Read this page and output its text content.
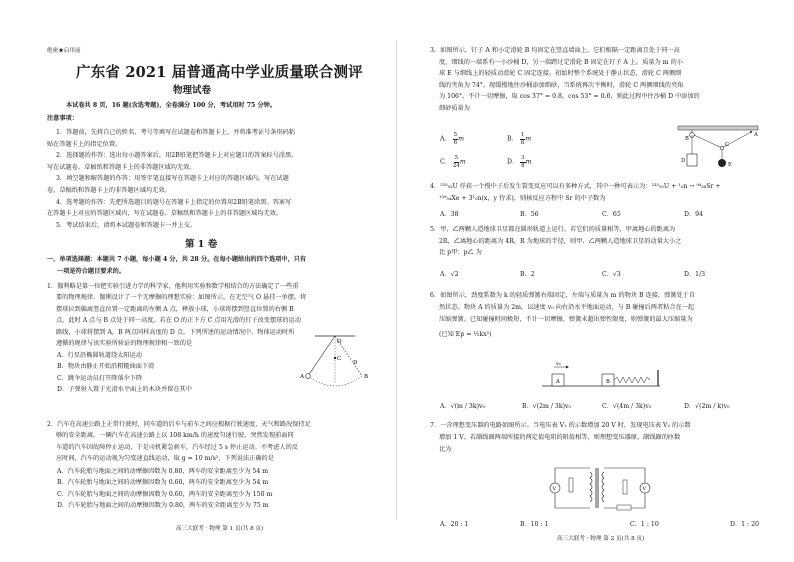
绝密★启用前
广东省 2021 届普通高中学业质量联合测评
物理试卷
本试卷共 8 页，16 题(含选考题)，全卷满分 100 分，考试用时 75 分钟。
注意事项：
1．答题前，先将自己的姓名、考号等填写在试题卷和答题卡上，并将准考证号条形码粘
贴在答题卡上的指定位置。
2．选择题的作答：选出每小题答案后，用2B铅笔把答题卡上对应题目的答案标号涂黑。
写在试题卷、草稿纸和答题卡上的非答题区域均无效。
3．填空题和解答题的作答：用签字笔直接写在答题卡上对应的答题区域内，写在试题
卷、草稿纸和答题卡上的非答题区域均无效。
4．选考题的作答：先把所选题目的题号在答题卡上指定的位置用2B铅笔涂黑。答案写
在答题卡上对应的答题区域内，写在试题卷、草稿纸和答题卡上的非答题区域均无效。
5．考试结束后，请将本试题卷和答题卡一并上交。
第 1 卷
一、单项选择题：本题共 7 小题，每小题 4 分，共 28 分。在每小题给出的四个选项中，只有
一项是符合题目要求的。
1．伽利略是第一位把实验引进力学的科学家，他利用实验和数学相结合的方法确定了一些重
要的物理规律。伽俐设计了一个无摩擦的理想实验：如图所示，在无空气 O 悬挂一单摆，将
摆球拉到偏离竖直位置一定距离的左侧 A 点，释放小球，小球将摆到竖直位置的右侧 B
点，此时 A 点与 B 点处于同一高度。若在 O 的正下方 C 点用光滑的钉子改变摆球的运动
路线，小球将摆到 A，B 两点同样高度的 D 点。下列所述的运动情况中，物体运动时所
遵循的规律与该实验所验证的物理规律相一致的是
A．行星沿椭圆轨道绕太阳运动
B．物块由静止开始沿粗糙曲面下滑
C．跳伞运动员打开降落伞下降
D．子弹射入置于光滑水平面上的木块并留在其中
O
C
A	B
D
2．汽车在高速公路上正常行驶时，同车道的后车与前车之间应根据行驶速度、天气和路况保持足
够的安全距离。一辆汽车在高速公路上以 108 km/h 的速度匀速行驶，突然发现前面同
车道的汽车因故障停止运动，于是司机紧急刹车，汽车经过 5 s 停止运动。不考虑人的反
应时间，汽车的运动视为匀变速直线运动，取 g = 10 m/s²，下列说法正确的是
A．汽车轮胎与地面之间的动摩擦因数为 0.80，两车的安全距离至少为 54 m
B．汽车轮胎与地面之间的动摩擦因数为 0.60，两车的安全距离至少为 54 m
C．汽车轮胎与地面之间的动摩擦因数为 0.60，两车的安全距离至少为 150 m
D．汽车轮胎与地面之间的动摩擦因数为 0.80，两车的安全距离至少为 75 m
高三大联考 · 物理 第 1 页(共 8 页)
3．如图所示，钉子 A 和小定滑轮 B 均固定在竖直墙面上，它们相隔一定距离且处于同一高
度，细线的一端系有一小沙桶 D，另一端跨过定滑轮 B 固定在钉子 A 上。质量为 m 的小
球 E 与细线上的轻质动滑轮 C 固定连接。初始时整个系统处于静止状态，滑轮 C 两侧细
线的夹角为 74°。现缓慢地往沙桶添加细砂，当系统再次平衡时，滑轮 C 两侧细线的夹角
为 106°。不计一切摩擦，取 cos 37° = 0.8，cos 53° = 0.6，则此过程中往沙桶 D 中添加的
细砂质量为
A． $\frac{5}{6}$ m	B． $\frac{1}{8}$ m
C． $\frac{5}{24}$ m	D． $\frac{3}{8}$ m
B
A
C
D
E
4．²³⁵₉₂U 俘获一个慢中子后发生裂变反应可以有多种方式，其中一种可表示为：²³⁵₉₂U + ¹₀n → ⁹⁴₃₈Sr +
¹³⁹₅₄Xe + 3¹₀n(x，y 待求)，则核反应方程中 Sr 的中子数为
A．38	B．56	C．65	D．94
5．甲、乙两颗人造地球卫星都在圆形轨道上运行。若它们的质量相等，甲离地心的距离为
2R，乙离地心的距离为 4R，R 为地球的半径，则甲、乙两颗人造地球卫星的动量大小之
比 p甲：p乙 为
A．√2	B．2	C．√3	D．1/3
6．如图所示，劲度系数为 k 的轻质弹簧右端固定，左端与质量为 m 的物块 B 连接，弹簧处于自
然状态。物块 A 的质量为 2m，以速度 v₀ 向右沿水平地面运动，与 B 碰撞后两者粘合在一起
压缩弹簧。已知碰撞时间极短，不计一切摩擦，弹簧未超出弹性限度，则弹簧的最大压缩量为
(已知 Ep = ½kx²)
v₀
A	B
A．√(m / 3k)v₀	B．√(2m / 3k)v₀	C．√(4m / 3k)v₀	D．√(2m / k)v₀
7．一含理想变压器的电路如图所示。当电压表 V₁ 的示数增加 20 V 时，发现电压表 V₂ 的示数
增加 1 V。若副线圈两端所接的两定值电阻的阻值相等，则理想变压器原、副线圈的匝数
比为
V	V
A．20 : 1	B．10 : 1	C．1 : 10	D．1 : 20
高三大联考 · 物理 第 2 页(共 8 页)
